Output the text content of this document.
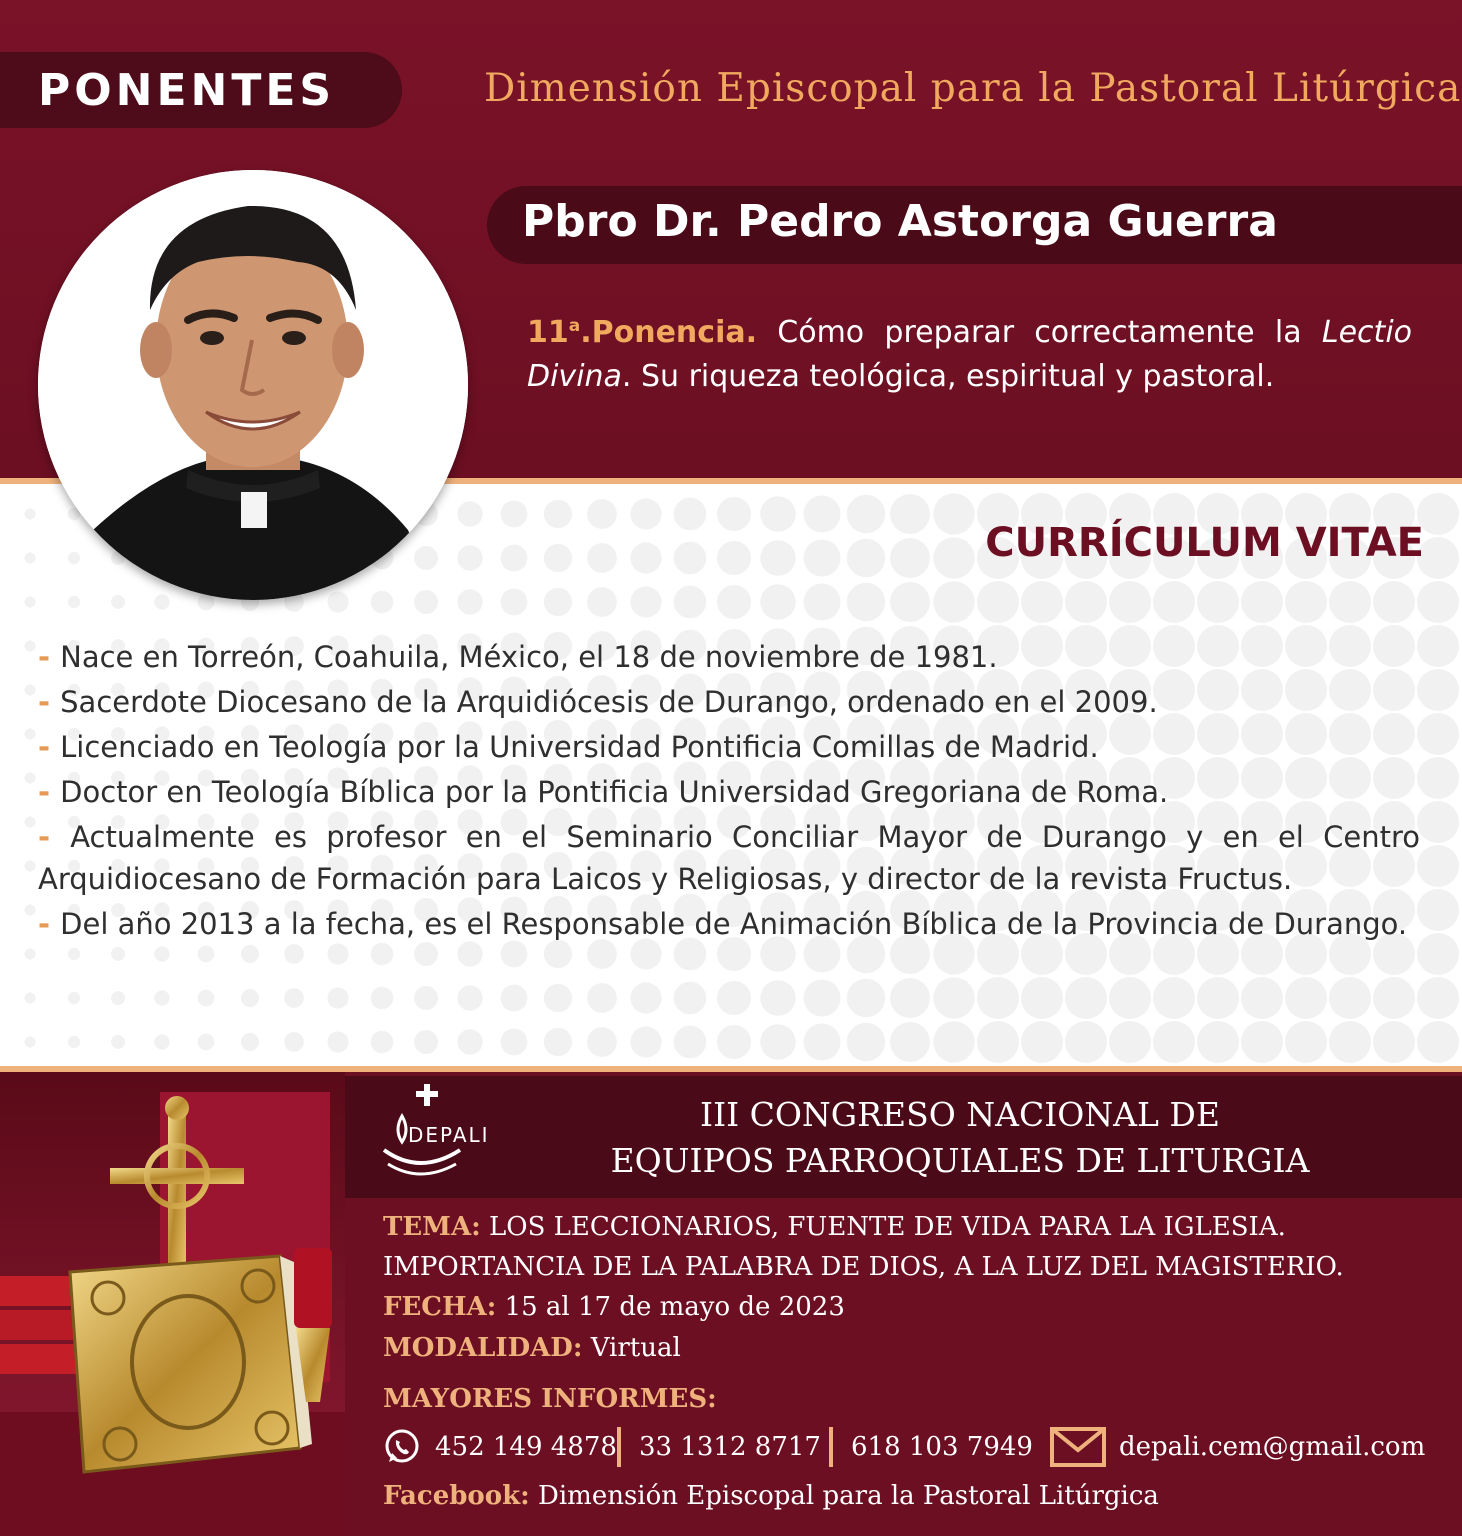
PONENTES	Dimensión Episcopal para la Pastoral Litúrgica
Pbro Dr. Pedro Astorga Guerra
11$^a$.Ponencia. Cómo preparar correctamente la Lectio Divina. Su riqueza teológica, espiritual y pastoral.
CURRÍCULUM VITAE
- Nace en Torreón, Coahuila, México, el 18 de noviembre de 1981.
- Sacerdote Diocesano de la Arquidiócesis de Durango, ordenado en el 2009.
- Licenciado en Teología por la Universidad Pontificia Comillas de Madrid.
- Doctor en Teología Bíblica por la Pontificia Universidad Gregoriana de Roma.
- Actualmente es profesor en el Seminario Conciliar Mayor de Durango y en el Centro Arquidiocesano de Formación para Laicos y Religiosas, y director de la revista Fructus.
- Del año 2013 a la fecha, es el Responsable de Animación Bíblica de la Provincia de Durango.
DEPALI
III CONGRESO NACIONAL DE
EQUIPOS PARROQUIALES DE LITURGIA
TEMA: LOS LECCIONARIOS, FUENTE DE VIDA PARA LA IGLESIA.
IMPORTANCIA DE LA PALABRA DE DIOS, A LA LUZ DEL MAGISTERIO.
FECHA: 15 al 17 de mayo de 2023
MODALIDAD: Virtual
MAYORES INFORMES:
452 149 4878 33 1312 8717 618 103 7949	depali.cem@gmail.com
Facebook: Dimensión Episcopal para la Pastoral Litúrgica
